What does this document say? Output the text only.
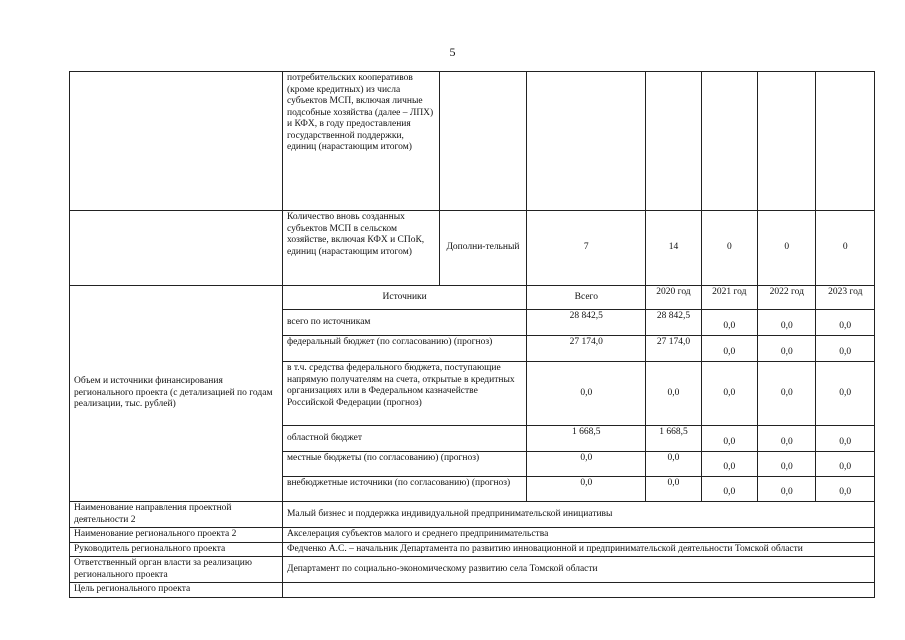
5
	потребительских кооперативов (кроме кредитных) из числа субъектов МСП, включая личные подсобные хозяйства (далее – ЛПХ) и КФХ, в году предоставления государственной поддержки, единиц (нарастающим итогом)						
	Количество вновь созданных субъектов МСП в сельском хозяйстве, включая КФХ и СПоК, единиц (нарастающим итогом)	Дополни-тельный	7	14	0	0	0
Объем и источники финансирования регионального проекта (с детализацией по годам реализации, тыс. рублей)	Источники		Всего	2020 год	2021 год	2022 год	2023 год
	всего по источникам		28 842,5	28 842,5	0,0	0,0	0,0
	федеральный бюджет (по согласованию) (прогноз)		27 174,0	27 174,0	0,0	0,0	0,0
	в т.ч. средства федерального бюджета, поступающие напрямую получателям на счета, открытые в кредитных организациях или в Федеральном казначействе Российской Федерации (прогноз)		0,0	0,0	0,0	0,0	0,0
	областной бюджет		1 668,5	1 668,5	0,0	0,0	0,0
	местные бюджеты (по согласованию) (прогноз)		0,0	0,0	0,0	0,0	0,0
	внебюджетные источники (по согласованию) (прогноз)		0,0	0,0	0,0	0,0	0,0
Наименование направления проектной деятельности 2	Малый бизнес и поддержка индивидуальной предпринимательской инициативы						
Наименование регионального проекта 2	Акселерация субъектов малого и среднего предпринимательства						
Руководитель регионального проекта	Федченко А.С. – начальник Департамента по развитию инновационной и предпринимательской деятельности Томской области						
Ответственный орган власти за реализацию регионального проекта	Департамент по социально-экономическому развитию села Томской области						
Цель регионального проекта							
